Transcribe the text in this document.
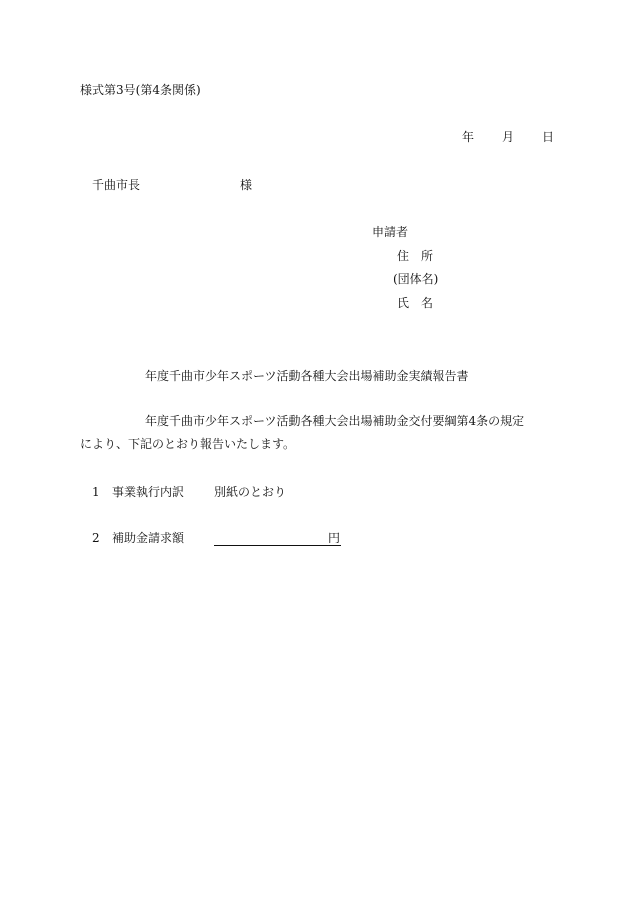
様式第3号(第4条関係)
年 月 日
千曲市長	様
申請者
住所
(団体名)
氏名
年度千曲市少年スポーツ活動各種大会出場補助金実績報告書
年度千曲市少年スポーツ活動各種大会出場補助金交付要綱第4条の規定
により、下記のとおり報告いたします。
1 事業執行内訳 別紙のとおり
2 補助金請求額	円
